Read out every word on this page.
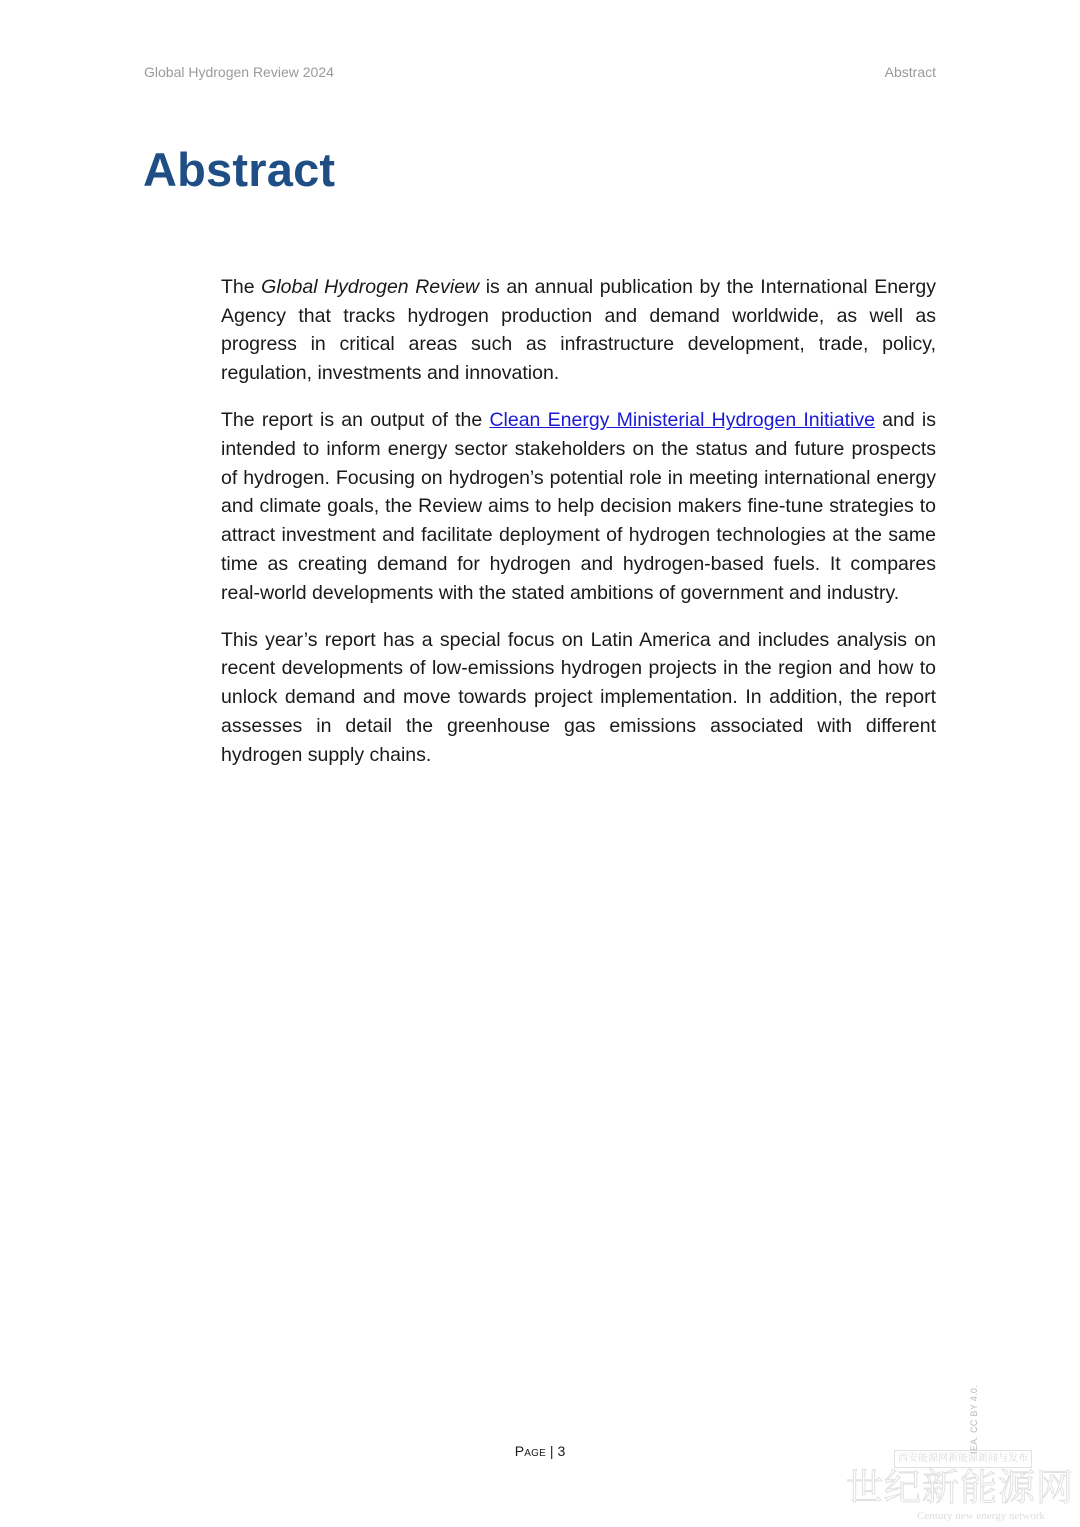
Global Hydrogen Review 2024	Abstract
Abstract

The Global Hydrogen Review is an annual publication by the International Energy Agency that tracks hydrogen production and demand worldwide, as well as progress in critical areas such as infrastructure development, trade, policy, regulation, investments and innovation.

The report is an output of the Clean Energy Ministerial Hydrogen Initiative and is intended to inform energy sector stakeholders on the status and future prospects of hydrogen. Focusing on hydrogen’s potential role in meeting international energy and climate goals, the Review aims to help decision makers fine-tune strategies to attract investment and facilitate deployment of hydrogen technologies at the same time as creating demand for hydrogen and hydrogen-based fuels. It compares real-world developments with the stated ambitions of government and industry.

This year’s report has a special focus on Latin America and includes analysis on recent developments of low-emissions hydrogen projects in the region and how to unlock demand and move towards project implementation. In addition, the report assesses in detail the greenhouse gas emissions associated with different hydrogen supply chains.

Page | 3	IEA. CC BY 4.0.
西安能源网新能源新闻与发布
世纪新能源网
Century new energy network
